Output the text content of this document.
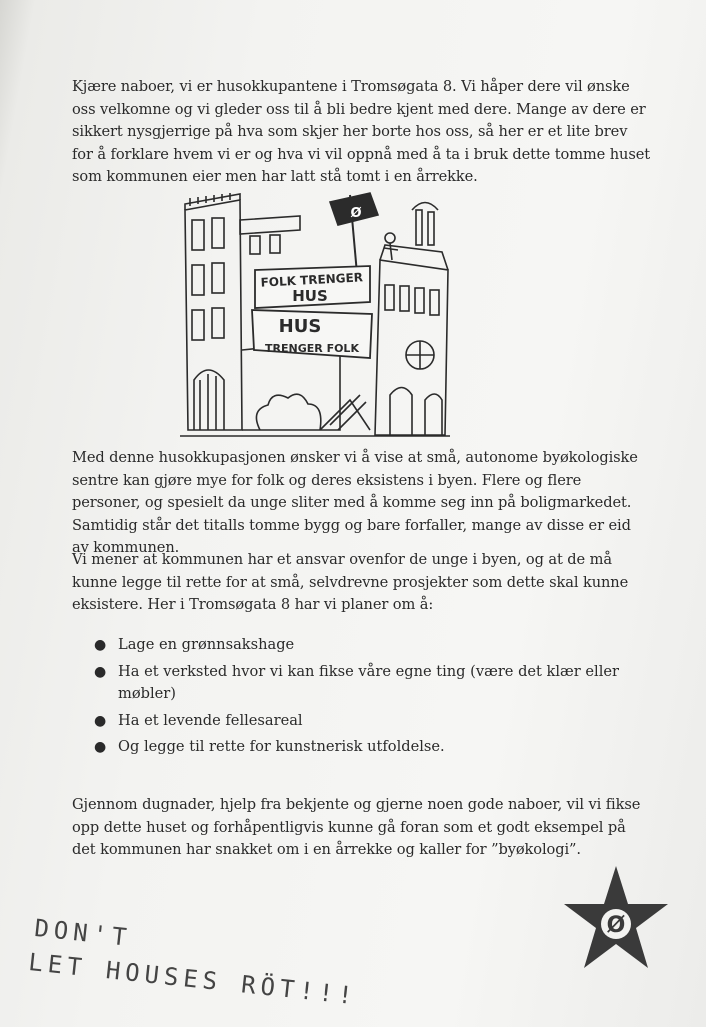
Kjære naboer, vi er husokkupantene i Tromsøgata 8. Vi håper dere vil ønske oss velkomne og vi gleder oss til å bli bedre kjent med dere. Mange av dere er sikkert nysgjerrige på hva som skjer her borte hos oss, så her er et lite brev for å forklare hvem vi er og hva vi vil oppnå med å ta i bruk dette tomme huset som kommunen eier men har latt stå tomt i en årrekke.

Ø
FOLK TRENGER
HUS
HUS
TRENGER FOLK

Med denne husokkupasjonen ønsker vi å vise at små, autonome byøkologiske sentre kan gjøre mye for folk og deres eksistens i byen. Flere og flere personer, og spesielt da unge sliter med å komme seg inn på boligmarkedet. Samtidig står det titalls tomme bygg og bare forfaller, mange av disse er eid av kommunen.

Vi mener at kommunen har et ansvar ovenfor de unge i byen, og at de må kunne legge til rette for at små, selvdrevne prosjekter som dette skal kunne eksistere. Her i Tromsøgata 8 har vi planer om å:

● Lage en grønnsakshage
● Ha et verksted hvor vi kan fikse våre egne ting (være det klær eller møbler)
● Ha et levende fellesareal
● Og legge til rette for kunstnerisk utfoldelse.

Gjennom dugnader, hjelp fra bekjente og gjerne noen gode naboer, vil vi fikse opp dette huset og forhåpentligvis kunne gå foran som et godt eksempel på det kommunen har snakket om i en årrekke og kaller for ”byøkologi”.

DON'T
LET HOUSES RÖT!!!
Ø
